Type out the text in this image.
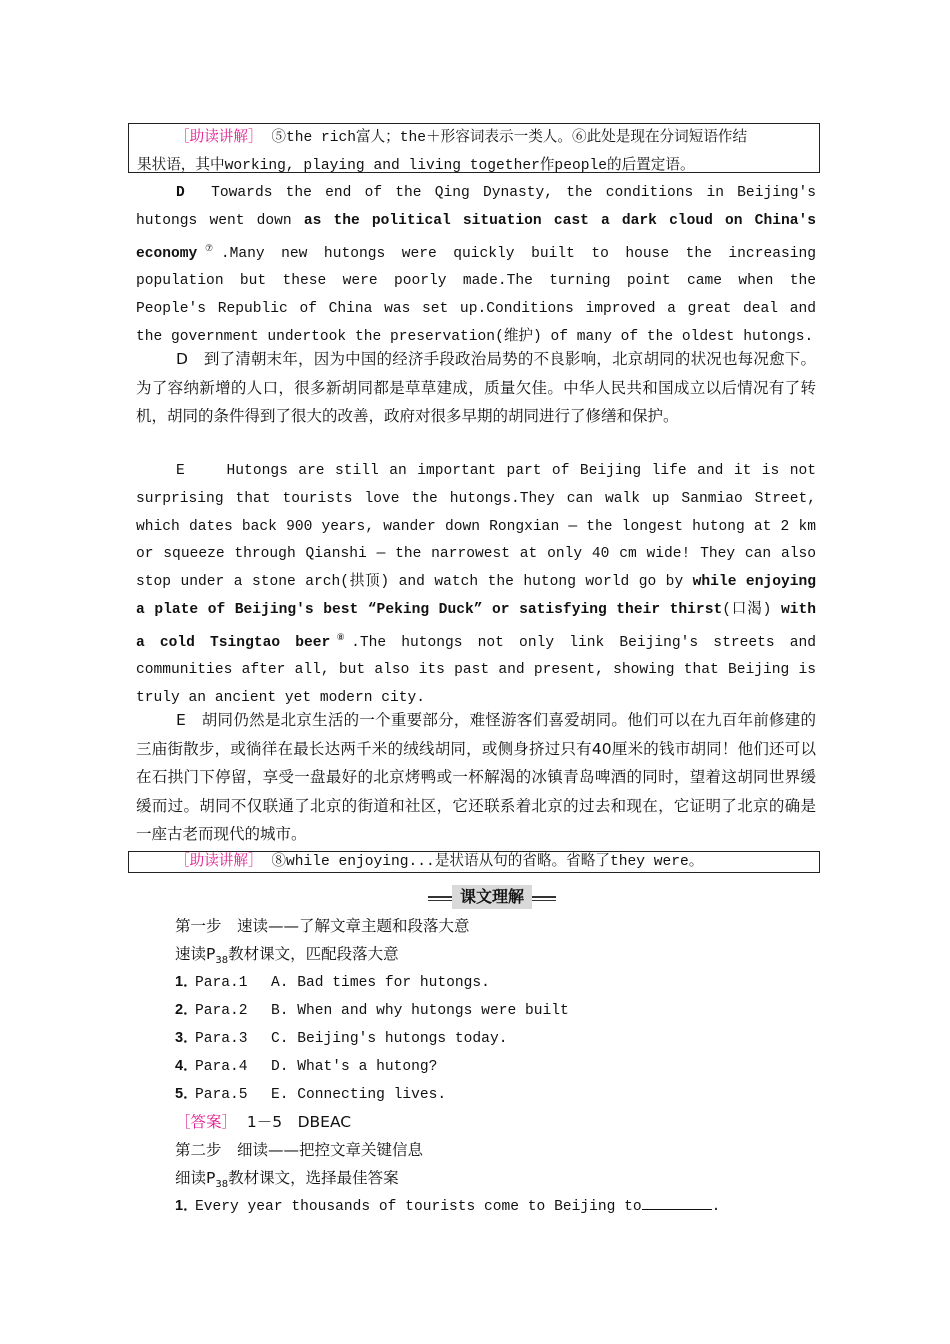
［助读讲解］ ⑤the rich富人；the＋形容词表示一类人。⑥此处是现在分词短语作结
果状语，其中working, playing and living together作people的后置定语。
D Towards the end of the Qing Dynasty, the conditions in Beijing's hutongs went down as the political situation cast a dark cloud on China's economy⑦.Many new hutongs were quickly built to house the increasing population but these were poorly made.The turning point came when the People's Republic of China was set up.Conditions improved a great deal and the government undertook the preservation(维护) of many of the oldest hutongs.
D　到了清朝末年，因为中国的经济手段政治局势的不良影响，北京胡同的状况也每况愈下。为了容纳新增的人口，很多新胡同都是草草建成，质量欠佳。中华人民共和国成立以后情况有了转机，胡同的条件得到了很大的改善，政府对很多早期的胡同进行了修缮和保护。
E	Hutongs are still an important part of Beijing life and it is not surprising that tourists love the hutongs.They can walk up Sanmiao Street, which dates back 900 years, wander down Rongxian — the longest hutong at 2 km or squeeze through Qianshi — the narrowest at only 40 cm wide! They can also stop under a stone arch(拱顶) and watch the hutong world go by while enjoying a plate of Beijing's best “Peking Duck” or satisfying their thirst(口渴) with a cold Tsingtao beer⑧.The hutongs not only link Beijing's streets and communities after all, but also its past and present, showing that Beijing is truly an ancient yet modern city.
E　胡同仍然是北京生活的一个重要部分，难怪游客们喜爱胡同。他们可以在九百年前修建的三庙街散步，或徜徉在最长达两千米的绒线胡同，或侧身挤过只有40厘米的钱市胡同！他们还可以在石拱门下停留，享受一盘最好的北京烤鸭或一杯解渴的冰镇青岛啤酒的同时，望着这胡同世界缓缓而过。胡同不仅联通了北京的街道和社区，它还联系着北京的过去和现在，它证明了北京的确是一座古老而现代的城市。
［助读讲解］ ⑧while enjoying...是状语从句的省略。省略了they were。
课文理解
第一步　速读——了解文章主题和段落大意
速读$P_{38}$教材课文，匹配段落大意
1．Para.1 A. Bad times for hutongs.
2．Para.2 B. When and why hutongs were built
3．Para.3 C. Beijing's hutongs today.
4．Para.4 D. What's a hutong?
5．Para.5 E. Connecting lives.
［答案］ 1－5　DBEAC
第二步　细读——把控文章关键信息
细读$P_{38}$教材课文，选择最佳答案
1．Every year thousands of tourists come to Beijing to	.
